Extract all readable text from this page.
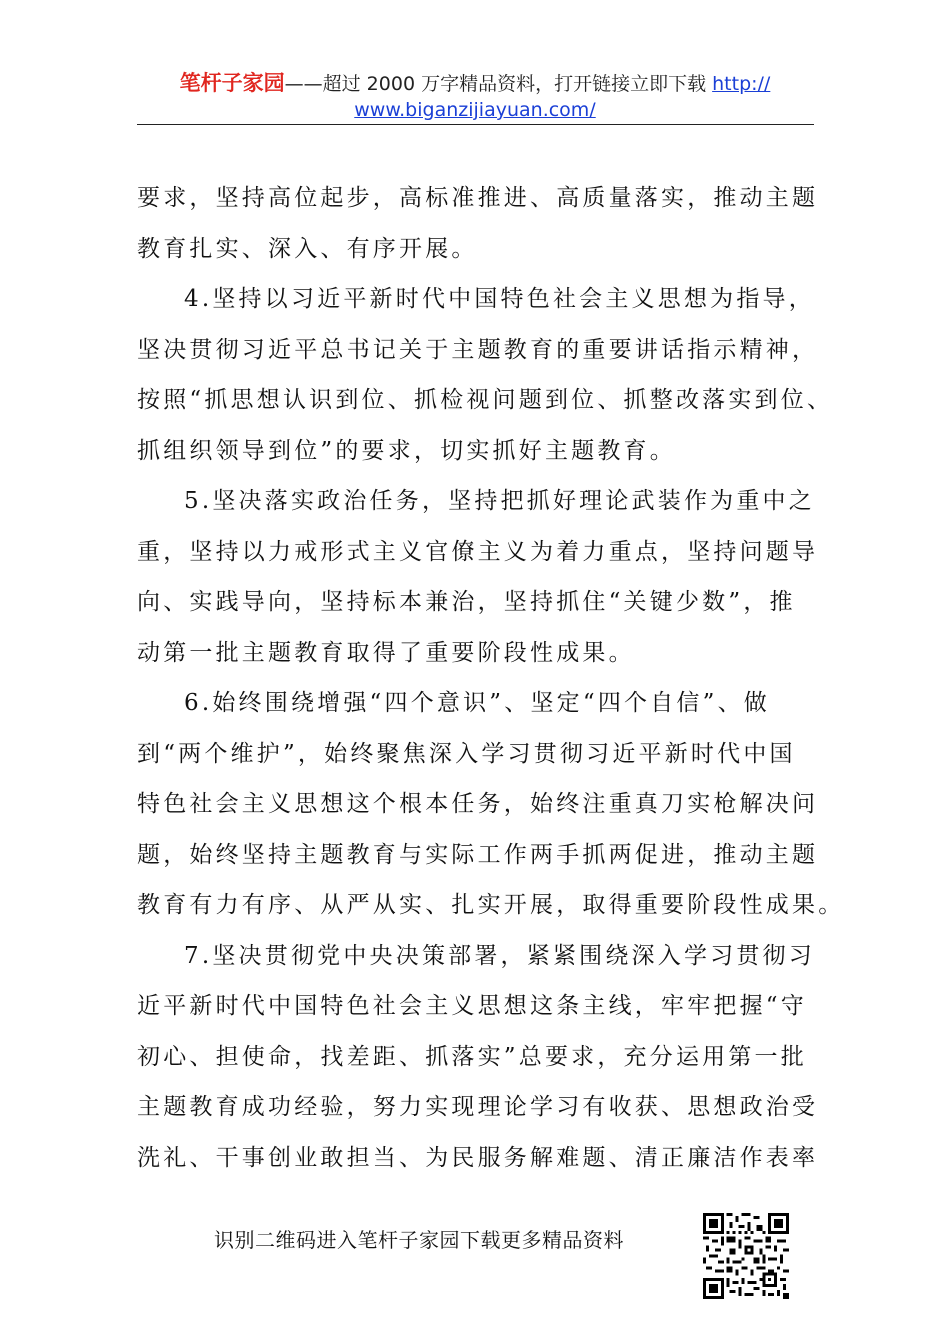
笔杆子家园——超过 2000 万字精品资料，打开链接立即下载 http://
www.biganzijiayuan.com/
要求，坚持高位起步，高标准推进、高质量落实，推动主题
教育扎实、深入、有序开展。
4.坚持以习近平新时代中国特色社会主义思想为指导，
坚决贯彻习近平总书记关于主题教育的重要讲话指示精神，
按照“抓思想认识到位、抓检视问题到位、抓整改落实到位、
抓组织领导到位”的要求，切实抓好主题教育。
5.坚决落实政治任务，坚持把抓好理论武装作为重中之
重，坚持以力戒形式主义官僚主义为着力重点，坚持问题导
向、实践导向，坚持标本兼治，坚持抓住“关键少数”，推
动第一批主题教育取得了重要阶段性成果。
6.始终围绕增强“四个意识”、坚定“四个自信”、做
到“两个维护”，始终聚焦深入学习贯彻习近平新时代中国
特色社会主义思想这个根本任务，始终注重真刀实枪解决问
题，始终坚持主题教育与实际工作两手抓两促进，推动主题
教育有力有序、从严从实、扎实开展，取得重要阶段性成果。
7.坚决贯彻党中央决策部署，紧紧围绕深入学习贯彻习
近平新时代中国特色社会主义思想这条主线，牢牢把握“守
初心、担使命，找差距、抓落实”总要求，充分运用第一批
主题教育成功经验，努力实现理论学习有收获、思想政治受
洗礼、干事创业敢担当、为民服务解难题、清正廉洁作表率
识别二维码进入笔杆子家园下载更多精品资料
